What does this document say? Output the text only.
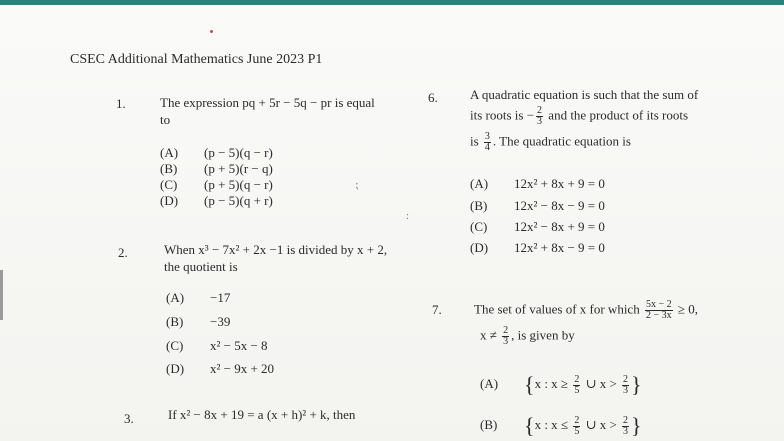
CSEC Additional Mathematics June 2023 P1
1.	The expression pq + 5r − 5q − pr is equal
to
(A) (p − 5)(q − r)
(B) (p + 5)(r − q)
(C) (p + 5)(q − r)
(D) (p − 5)(q + r)
2.	When x³ − 7x² + 2x −1 is divided by x + 2,
the quotient is
(A) −17
(B) −39
(C) x² − 5x − 8
(D) x² − 9x + 20
3.	If x² − 8x + 19 = a (x + h)² + k, then
6. A quadratic equation is such that the sum of
its roots is − $\frac{2}{3}$ and the product of its roots
is $\frac{3}{4}$ . The quadratic equation is
(A) 12x² + 8x + 9 = 0
(B) 12x² − 8x − 9 = 0
(C) 12x² − 8x + 9 = 0
(D) 12x² + 8x − 9 = 0
:
⁏
7. The set of values of x for which $\frac{5x - 2}{2 - 3x} \ge 0$,
$x \ne \frac{2}{3}$ , is given by
(A) {x : $x \ge \frac{2}{5}$ ∪ $x > \frac{2}{3}$ }
(B) {x : $x \le \frac{2}{5}$ ∪ $x > \frac{2}{3}$ }
